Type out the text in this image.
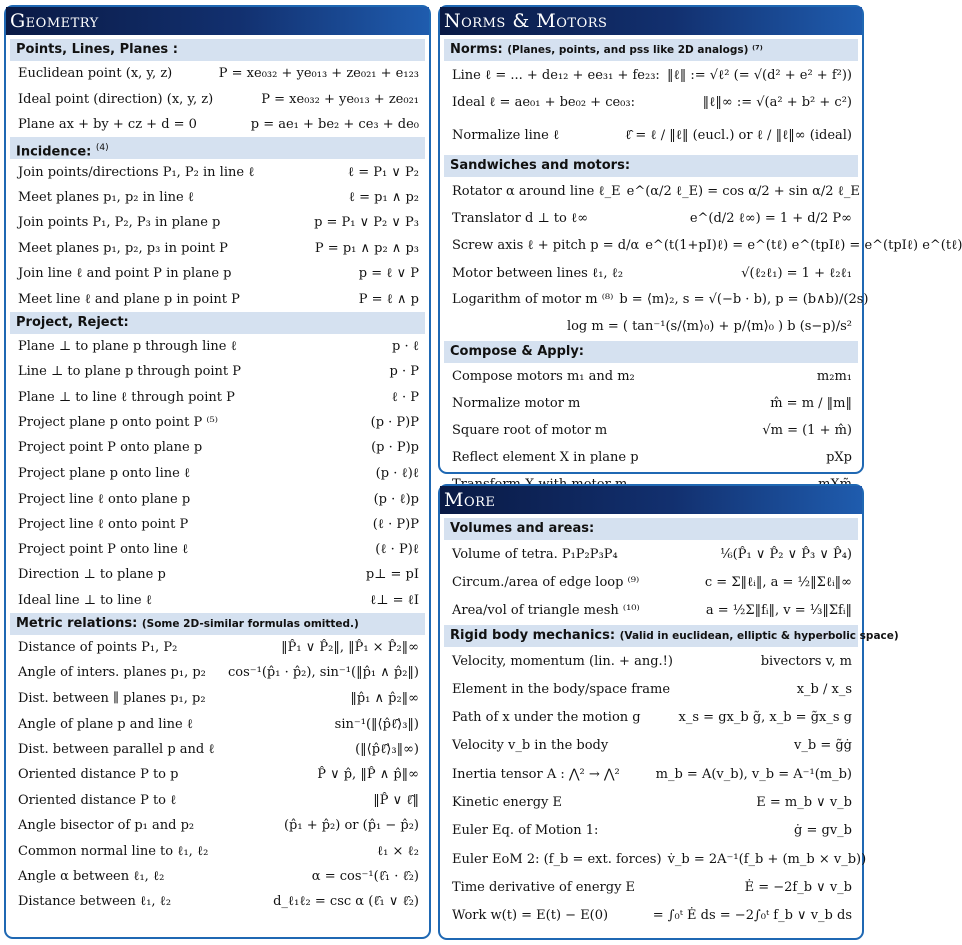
Geometry
Points, Lines, Planes :
Euclidean point (x, y, z)	P = xe₀₃₂ + ye₀₁₃ + ze₀₂₁ + e₁₂₃
Ideal point (direction) (x, y, z)	P = xe₀₃₂ + ye₀₁₃ + ze₀₂₁
Plane ax + by + cz + d = 0	p = ae₁ + be₂ + ce₃ + de₀
Incidence: $^{(4)}$
Join points/directions P₁, P₂ in line ℓ	ℓ = P₁ ∨ P₂
Meet planes p₁, p₂ in line ℓ	ℓ = p₁ ∧ p₂
Join points P₁, P₂, P₃ in plane p	p = P₁ ∨ P₂ ∨ P₃
Meet planes p₁, p₂, p₃ in point P	P = p₁ ∧ p₂ ∧ p₃
Join line ℓ and point P in plane p	p = ℓ ∨ P
Meet line ℓ and plane p in point P	P = ℓ ∧ p
Project, Reject:
Plane ⊥ to plane p through line ℓ	p · ℓ
Line ⊥ to plane p through point P	p · P
Plane ⊥ to line ℓ through point P	ℓ · P
Project plane p onto point P ⁽⁵⁾	(p · P)P
Project point P onto plane p	(p · P)p
Project plane p onto line ℓ	(p · ℓ)ℓ
Project line ℓ onto plane p	(p · ℓ)p
Project line ℓ onto point P	(ℓ · P)P
Project point P onto line ℓ	(ℓ · P)ℓ
Direction ⊥ to plane p	p⊥ = pI
Ideal line ⊥ to line ℓ	ℓ⊥ = ℓI
Metric relations: (Some 2D-similar formulas omitted.)
Distance of points P₁, P₂	‖P̂₁ ∨ P̂₂‖, ‖P̂₁ × P̂₂‖∞
Angle of inters. planes p₁, p₂	cos⁻¹(p̂₁ · p̂₂), sin⁻¹(‖p̂₁ ∧ p̂₂‖)
Dist. between ∥ planes p₁, p₂	‖p̂₁ ∧ p̂₂‖∞
Angle of plane p and line ℓ	sin⁻¹(‖⟨p̂ℓ̂⟩₃‖)
Dist. between parallel p and ℓ	(‖⟨p̂ℓ̂⟩₃‖∞)
Oriented distance P to p	P̂ ∨ p̂, ‖P̂ ∧ p̂‖∞
Oriented distance P to ℓ	‖P̂ ∨ ℓ̂‖
Angle bisector of p₁ and p₂	(p̂₁ + p̂₂) or (p̂₁ − p̂₂)
Common normal line to ℓ₁, ℓ₂	ℓ₁ × ℓ₂
Angle α between ℓ₁, ℓ₂	α = cos⁻¹(ℓ̂₁ · ℓ̂₂)
Distance between ℓ₁, ℓ₂	d_ℓ₁ℓ₂ = csc α (ℓ̂₁ ∨ ℓ̂₂)
Norms & Motors
Norms: (Planes, points, and pss like 2D analogs) ⁽⁷⁾
Line ℓ = ... + de₁₂ + ee₃₁ + fe₂₃: ‖ℓ‖ := √ℓ² (= √(d² + e² + f²))
Ideal ℓ = ae₀₁ + be₀₂ + ce₀₃:	‖ℓ‖∞ := √(a² + b² + c²)
Normalize line ℓ	ℓ̂ = ℓ / ‖ℓ‖ (eucl.) or ℓ / ‖ℓ‖∞ (ideal)
Sandwiches and motors:
Rotator α around line ℓ_E e^(α/2 ℓ_E) = cos α/2 + sin α/2 ℓ_E
Translator d ⊥ to ℓ∞	e^(d/2 ℓ∞) = 1 + d/2 P∞
Screw axis ℓ + pitch p = d/α e^(t(1+pI)ℓ) = e^(tℓ) e^(tpIℓ) = e^(tpIℓ) e^(tℓ)
Motor between lines ℓ₁, ℓ₂	√(ℓ₂ℓ₁) = 1 + ℓ₂ℓ₁
Logarithm of motor m ⁽⁸⁾ b = ⟨m⟩₂, s = √(−b · b), p = (b∧b)/(2s)
log m = ( tan⁻¹(s/⟨m⟩₀) + p/⟨m⟩₀ ) b (s−p)/s²
Compose & Apply:
Compose motors m₁ and m₂	m₂m₁
Normalize motor m	m̂ = m / ‖m‖
Square root of motor m	√m = (1 + m̂)
Reflect element X in plane p	pXp
More
Volumes and areas:
Volume of tetra. P₁P₂P₃P₄	⅙(P̂₁ ∨ P̂₂ ∨ P̂₃ ∨ P̂₄)
Circum./area of edge loop ⁽⁹⁾	c = Σ‖ℓᵢ‖, a = ½‖Σℓᵢ‖∞
Area/vol of triangle mesh ⁽¹⁰⁾	a = ½Σ‖fᵢ‖, v = ⅓‖Σfᵢ‖
Rigid body mechanics: (Valid in euclidean, elliptic & hyperbolic space)
Velocity, momentum (lin. + ang.!)	bivectors v, m
Element in the body/space frame	x_b / x_s
Path of x under the motion g	x_s = gx_b g̃, x_b = g̃x_s g
Velocity v_b in the body	v_b = g̃ġ
Inertia tensor A : ⋀² → ⋀²	m_b = A(v_b), v_b = A⁻¹(m_b)
Kinetic energy E	E = m_b ∨ v_b
Euler Eq. of Motion 1:	ġ = gv_b
Euler EoM 2: (f_b = ext. forces) v̇_b = 2A⁻¹(f_b + (m_b × v_b))
Time derivative of energy E	Ė = −2f_b ∨ v_b
Work w(t) = E(t) − E(0)	= ∫₀ᵗ Ė ds = −2∫₀ᵗ f_b ∨ v_b ds
